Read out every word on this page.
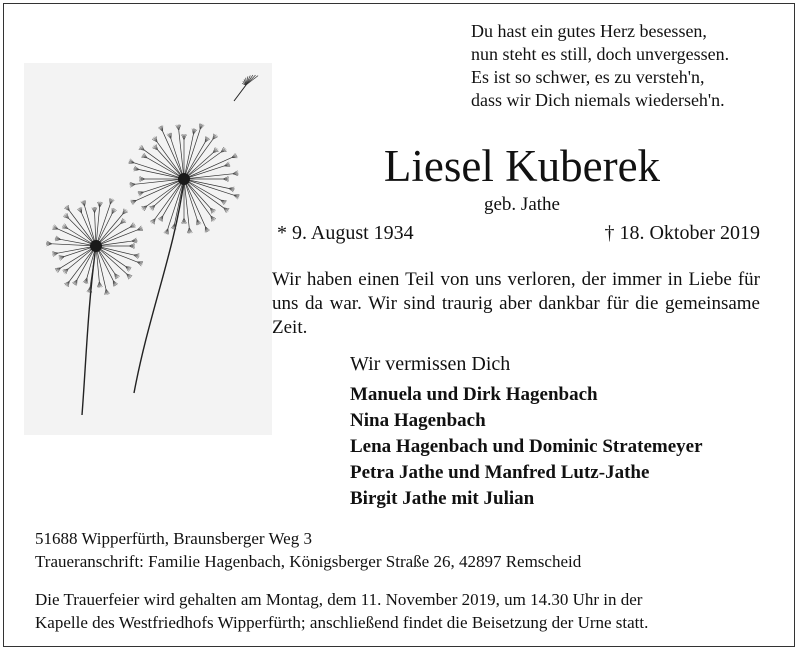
Du hast ein gutes Herz besessen,
nun steht es still, doch unvergessen.
Es ist so schwer, es zu versteh'n,
dass wir Dich niemals wiederseh'n.
Liesel Kuberek
geb. Jathe
* 9. August 1934	† 18. Oktober 2019
Wir haben einen Teil von uns verloren, der immer in Liebe für uns da war. Wir sind traurig aber dankbar für die gemeinsame Zeit.
Wir vermissen Dich
Manuela und Dirk Hagenbach
Nina Hagenbach
Lena Hagenbach und Dominic Stratemeyer
Petra Jathe und Manfred Lutz-Jathe
Birgit Jathe mit Julian
51688 Wipperfürth, Braunsberger Weg 3
Traueranschrift: Familie Hagenbach, Königsberger Straße 26, 42897 Remscheid
Die Trauerfeier wird gehalten am Montag, dem 11. November 2019, um 14.30 Uhr in der
Kapelle des Westfriedhofs Wipperfürth; anschließend findet die Beisetzung der Urne statt.
